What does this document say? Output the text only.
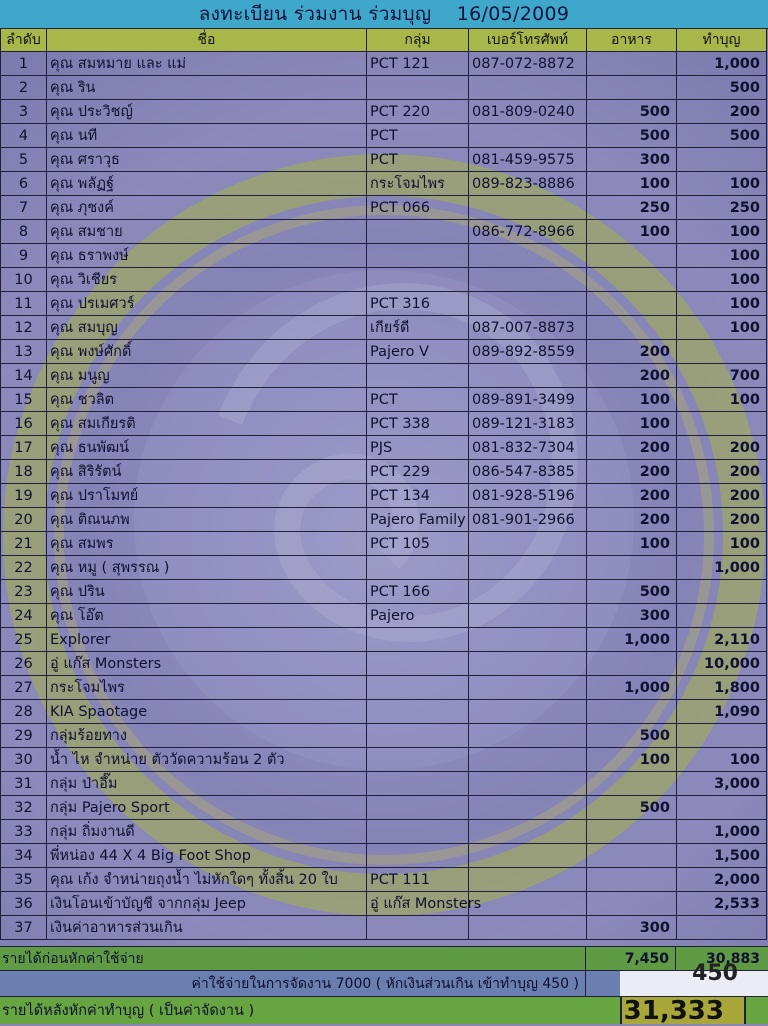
ลงทะเบียน ร่วมงาน ร่วมบุญ    16/05/2009
ลำดับ	ชื่อ	กลุ่ม	เบอร์โทรศัพท์	อาหาร	ทำบุญ
1	คุณ สมหมาย และ แม่	PCT 121	087-072-8872		1,000
2	คุณ ริน				500
3	คุณ ประวิชญ์	PCT 220	081-809-0240	500	200
4	คุณ นที	PCT		500	500
5	คุณ ศราวุธ	PCT	081-459-9575	300	
6	คุณ พลัฏฐ์	กระโจมไพร	089-823-8886	100	100
7	คุณ ภุชงค์	PCT 066		250	250
8	คุณ สมชาย		086-772-8966	100	100
9	คุณ ธราพงษ์				100
10	คุณ วิเชียร				100
11	คุณ ปรเมศวร์	PCT 316			100
12	คุณ สมบุญ	เกียร์ดี	087-007-8873		100
13	คุณ พงษ์ศักดิ์	Pajero V	089-892-8559	200	
14	คุณ มนูญ			200	700
15	คุณ ชวลิต	PCT	089-891-3499	100	100
16	คุณ สมเกียรติ	PCT 338	089-121-3183	100	
17	คุณ ธนพัฒน์	PJS	081-832-7304	200	200
18	คุณ สิริรัตน์	PCT 229	086-547-8385	200	200
19	คุณ ปราโมทย์	PCT 134	081-928-5196	200	200
20	คุณ ติณนภพ	Pajero Family	081-901-2966	200	200
21	คุณ สมพร	PCT 105		100	100
22	คุณ หมู ( สุพรรณ )				1,000
23	คุณ ปริน	PCT 166		500	
24	คุณ โอ๊ต	Pajero		300	
25	Explorer			1,000	2,110
26	อู่ แก๊ส Monsters				10,000
27	กระโจมไพร			1,000	1,800
28	KIA Spaotage				1,090
29	กลุ่มร้อยทาง			500	
30	น้ำ ไห จำหน่าย ตัววัดความร้อน 2 ตัว			100	100
31	กลุ่ม ป่าอึ๊ม				3,000
32	กลุ่ม Pajero Sport			500	
33	กลุ่ม ถิ่มงานดี				1,000
34	พี่หน่อง 44 X 4 Big Foot Shop				1,500
35	คุณ เก้ง จำหน่ายถุงน้ำ ไม่หักใดๆ ทั้งสิ้น 20 ใบ	PCT 111			2,000
36	เงินโอนเข้าบัญชี จากกลุ่ม Jeep	อู่ แก๊ส Monsters			2,533
37	เงินค่าอาหารส่วนเกิน			300	
รายได้ก่อนหักค่าใช้จ่าย	7,450	30,883
ค่าใช้จ่ายในการจัดงาน 7000 ( หักเงินส่วนเกิน เข้าทำบุญ 450 )	450
รายได้หลังหักค่าทำบุญ ( เป็นค่าจัดงาน )	31,333
